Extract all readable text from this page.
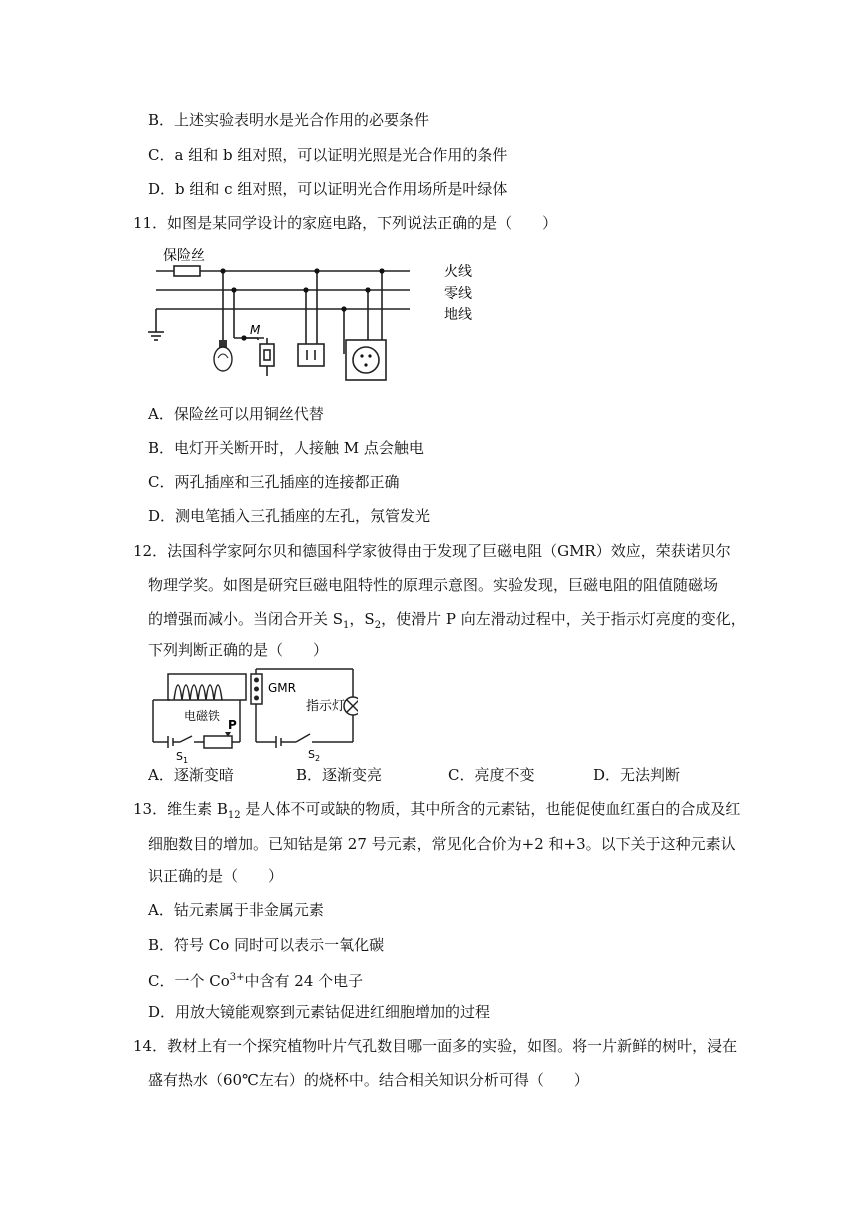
B．上述实验表明水是光合作用的必要条件
C．a 组和 b 组对照，可以证明光照是光合作用的条件
D．b 组和 c 组对照，可以证明光合作用场所是叶绿体
11．如图是某同学设计的家庭电路，下列说法正确的是（　　）
保险丝
M
火线
零线
地线
A．保险丝可以用铜丝代替
B．电灯开关断开时，人接触 M 点会触电
C．两孔插座和三孔插座的连接都正确
D．测电笔插入三孔插座的左孔，氖管发光
12．法国科学家阿尔贝和德国科学家彼得由于发现了巨磁电阻（GMR）效应，荣获诺贝尔
物理学奖。如图是研究巨磁电阻特性的原理示意图。实验发现，巨磁电阻的阻值随磁场
的增强而减小。当闭合开关 $S_1$，$S_2$，使滑片 P 向左滑动过程中，关于指示灯亮度的变化，
下列判断正确的是（　　）
GMR
电磁铁
指示灯
P
$S_1$	$S_2$
A．逐渐变暗	B．逐渐变亮	C．亮度不变	D．无法判断
13．维生素 $B_{12}$ 是人体不可或缺的物质，其中所含的元素钴，也能促使血红蛋白的合成及红
细胞数目的增加。已知钴是第 27 号元素，常见化合价为+2 和+3。以下关于这种元素认
识正确的是（　　）
A．钴元素属于非金属元素
B．符号 Co 同时可以表示一氧化碳
C．一个 $Co^{3+}$中含有 24 个电子
D．用放大镜能观察到元素钴促进红细胞增加的过程
14．教材上有一个探究植物叶片气孔数目哪一面多的实验，如图。将一片新鲜的树叶，浸在
盛有热水（60℃左右）的烧杯中。结合相关知识分析可得（　　）
